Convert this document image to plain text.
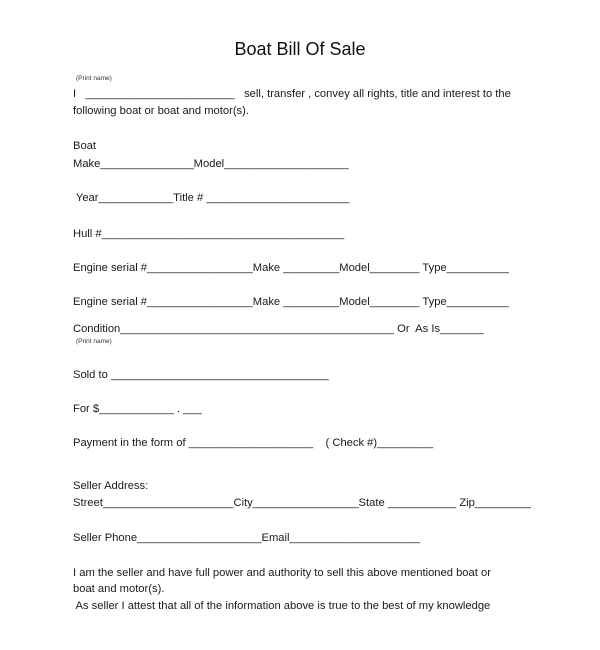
Boat Bill Of Sale
(Print name)
I   ________________________   sell, transfer , convey all rights, title and interest to the
following boat or boat and motor(s).
Boat
Make_______________Model____________________
Year____________Title # _______________________
Hull #_______________________________________
Engine serial #_________________Make _________Model________ Type__________
Engine serial #_________________Make _________Model________ Type__________
Condition____________________________________________ Or  As Is_______
(Print name)
Sold to ___________________________________
For $____________ . ___
Payment in the form of ____________________    ( Check #)_________
Seller Address:
Street_____________________City_________________State ___________ Zip_________
Seller Phone____________________Email_____________________
I am the seller and have full power and authority to sell this above mentioned boat or
boat and motor(s).
As seller I attest that all of the information above is true to the best of my knowledge
